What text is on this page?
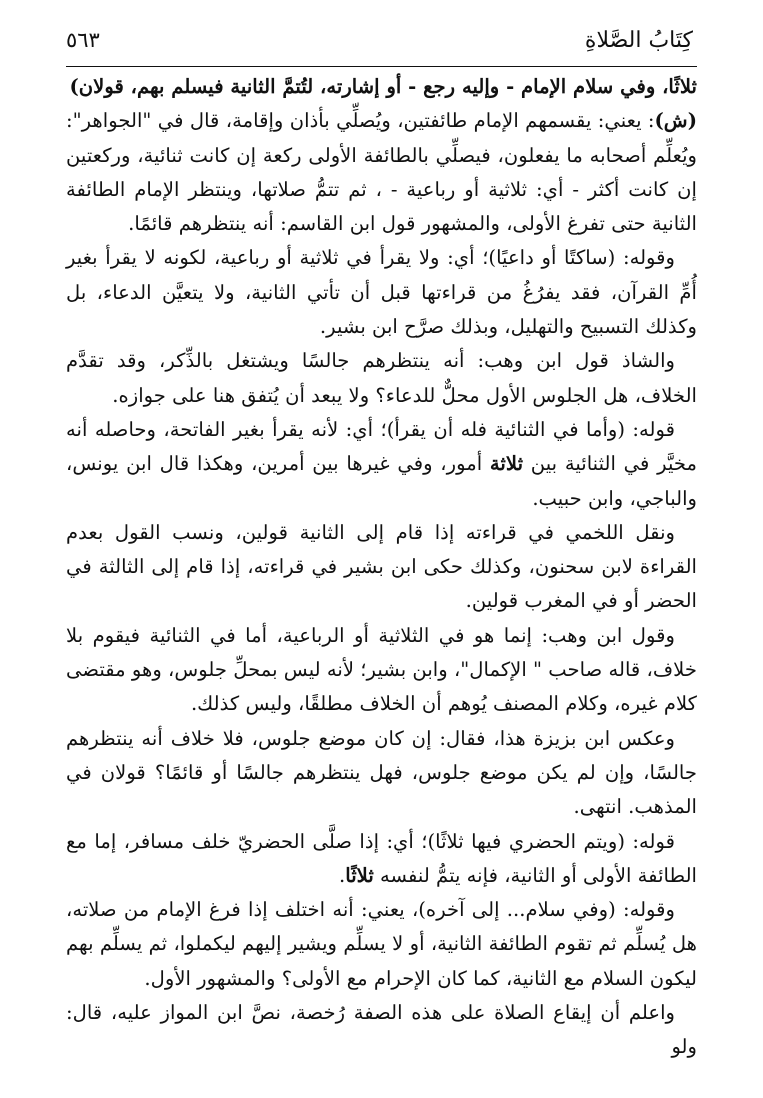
كِتَابُ الصَّلاةِ
٥٦٣

ثلاثًا، وفي سلام الإمام - وإليه رجع - أو إشارته، لتُتمَّ الثانية فيسلم بهم، قولان)

(ش): يعني: يقسمهم الإمام طائفتين، ويُصلِّي بأذان وإقامة، قال في "الجواهر": ويُعلِّم أصحابه ما يفعلون، فيصلِّي بالطائفة الأولى ركعة إن كانت ثنائية، وركعتين إن كانت أكثر - أي: ثلاثية أو رباعية - ، ثم تتمُّ صلاتها، وينتظر الإمام الطائفة الثانية حتى تفرغ الأولى، والمشهور قول ابن القاسم: أنه ينتظرهم قائمًا.

وقوله: (ساكتًا أو داعيًا)؛ أي: ولا يقرأ في ثلاثية أو رباعية، لكونه لا يقرأ بغير أُمِّ القرآن، فقد يفرُغُ من قراءتها قبل أن تأتي الثانية، ولا يتعيَّن الدعاء، بل وكذلك التسبيح والتهليل، وبذلك صرَّح ابن بشير.

والشاذ قول ابن وهب: أنه ينتظرهم جالسًا ويشتغل بالذِّكر، وقد تقدَّم الخلاف، هل الجلوس الأول محلٌّ للدعاء؟ ولا يبعد أن يُتفق هنا على جوازه.

قوله: (وأما في الثنائية فله أن يقرأ)؛ أي: لأنه يقرأ بغير الفاتحة، وحاصله أنه مخيَّر في الثنائية بين ثلاثة أمور، وفي غيرها بين أمرين، وهكذا قال ابن يونس، والباجي، وابن حبيب.

ونقل اللخمي في قراءته إذا قام إلى الثانية قولين، ونسب القول بعدم القراءة لابن سحنون، وكذلك حكى ابن بشير في قراءته، إذا قام إلى الثالثة في الحضر أو في المغرب قولين.

وقول ابن وهب: إنما هو في الثلاثية أو الرباعية، أما في الثنائية فيقوم بلا خلاف، قاله صاحب " الإكمال"، وابن بشير؛ لأنه ليس بمحلِّ جلوس، وهو مقتضى كلام غيره، وكلام المصنف يُوهم أن الخلاف مطلقًا، وليس كذلك.

وعكس ابن بزيزة هذا، فقال: إن كان موضع جلوس، فلا خلاف أنه ينتظرهم جالسًا، وإن لم يكن موضع جلوس، فهل ينتظرهم جالسًا أو قائمًا؟ قولان في المذهب. انتهى.

قوله: (ويتم الحضري فيها ثلاثًا)؛ أي: إذا صلَّى الحضريّ خلف مسافر، إما مع الطائفة الأولى أو الثانية، فإنه يتمُّ لنفسه ثلاثًا.

وقوله: (وفي سلام... إلى آخره)، يعني: أنه اختلف إذا فرغ الإمام من صلاته، هل يُسلِّم ثم تقوم الطائفة الثانية، أو لا يسلِّم ويشير إليهم ليكملوا، ثم يسلِّم بهم ليكون السلام مع الثانية، كما كان الإحرام مع الأولى؟ والمشهور الأول.

واعلم أن إيقاع الصلاة على هذه الصفة رُخصة، نصَّ ابن المواز عليه، قال: ولو
